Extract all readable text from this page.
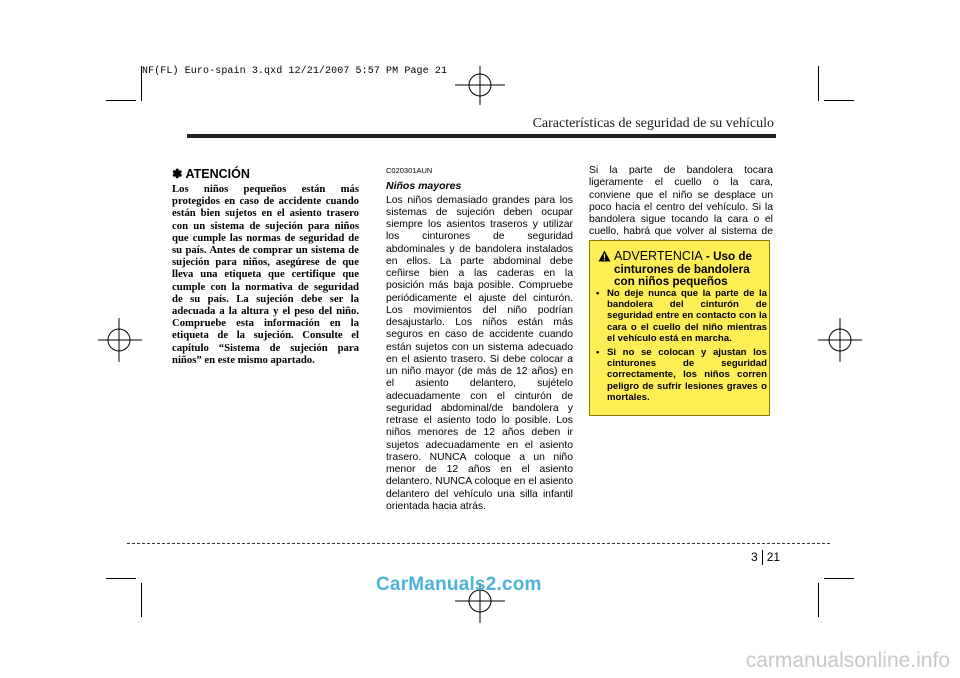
NF(FL) Euro-spain 3.qxd 12/21/2007 5:57 PM Page 21
Características de seguridad de su vehículo
✽ ATENCIÓN

Los niños pequeños están más protegidos en caso de accidente cuando están bien sujetos en el asiento trasero con un sistema de sujeción para niños que cumple las normas de seguridad de su país. Antes de comprar un sistema de sujeción para niños, asegúrese de que lleva una etiqueta que certifique que cumple con la normativa de seguridad de su país. La sujeción debe ser la adecuada a la altura y el peso del niño. Compruebe esta información en la etiqueta de la sujeción. Consulte el capítulo “Sistema de sujeción para niños” en este mismo apartado.

C020301AUN
Niños mayores

Los niños demasiado grandes para los sistemas de sujeción deben ocupar siempre los asientos traseros y utilizar los cinturones de seguridad abdominales y de bandolera instalados en ellos. La parte abdominal debe ceñirse bien a las caderas en la posición más baja posible. Compruebe periódicamente el ajuste del cinturón. Los movimientos del niño podrían desajustarlo. Los niños están más seguros en caso de accidente cuando están sujetos con un sistema adecuado en el asiento trasero. Si debe colocar a un niño mayor (de más de 12 años) en el asiento delantero, sujételo adecuadamente con el cinturón de seguridad abdominal/de bandolera y retrase el asiento todo lo posible. Los niños menores de 12 años deben ir sujetos adecuadamente en el asiento trasero. NUNCA coloque a un niño menor de 12 años en el asiento delantero. NUNCA coloque en el asiento delantero del vehículo una silla infantil orientada hacia atrás.

Si la parte de bandolera tocara ligeramente el cuello o la cara, conviene que el niño se desplace un poco hacia el centro del vehículo. Si la bandolera sigue tocando la cara o el cuello, habrá que volver al sistema de

ADVERTENCIA - Uso de cinturones de bandolera con niños pequeños
• No deje nunca que la parte de la bandolera del cinturón de seguridad entre en contacto con la cara o el cuello del niño mientras el vehículo está en marcha.
• Si no se colocan y ajustan los cinturones de seguridad correctamente, los niños corren peligro de sufrir lesiones graves o mortales.
3 21
CarManuals2.com
carmanualsonline.info
